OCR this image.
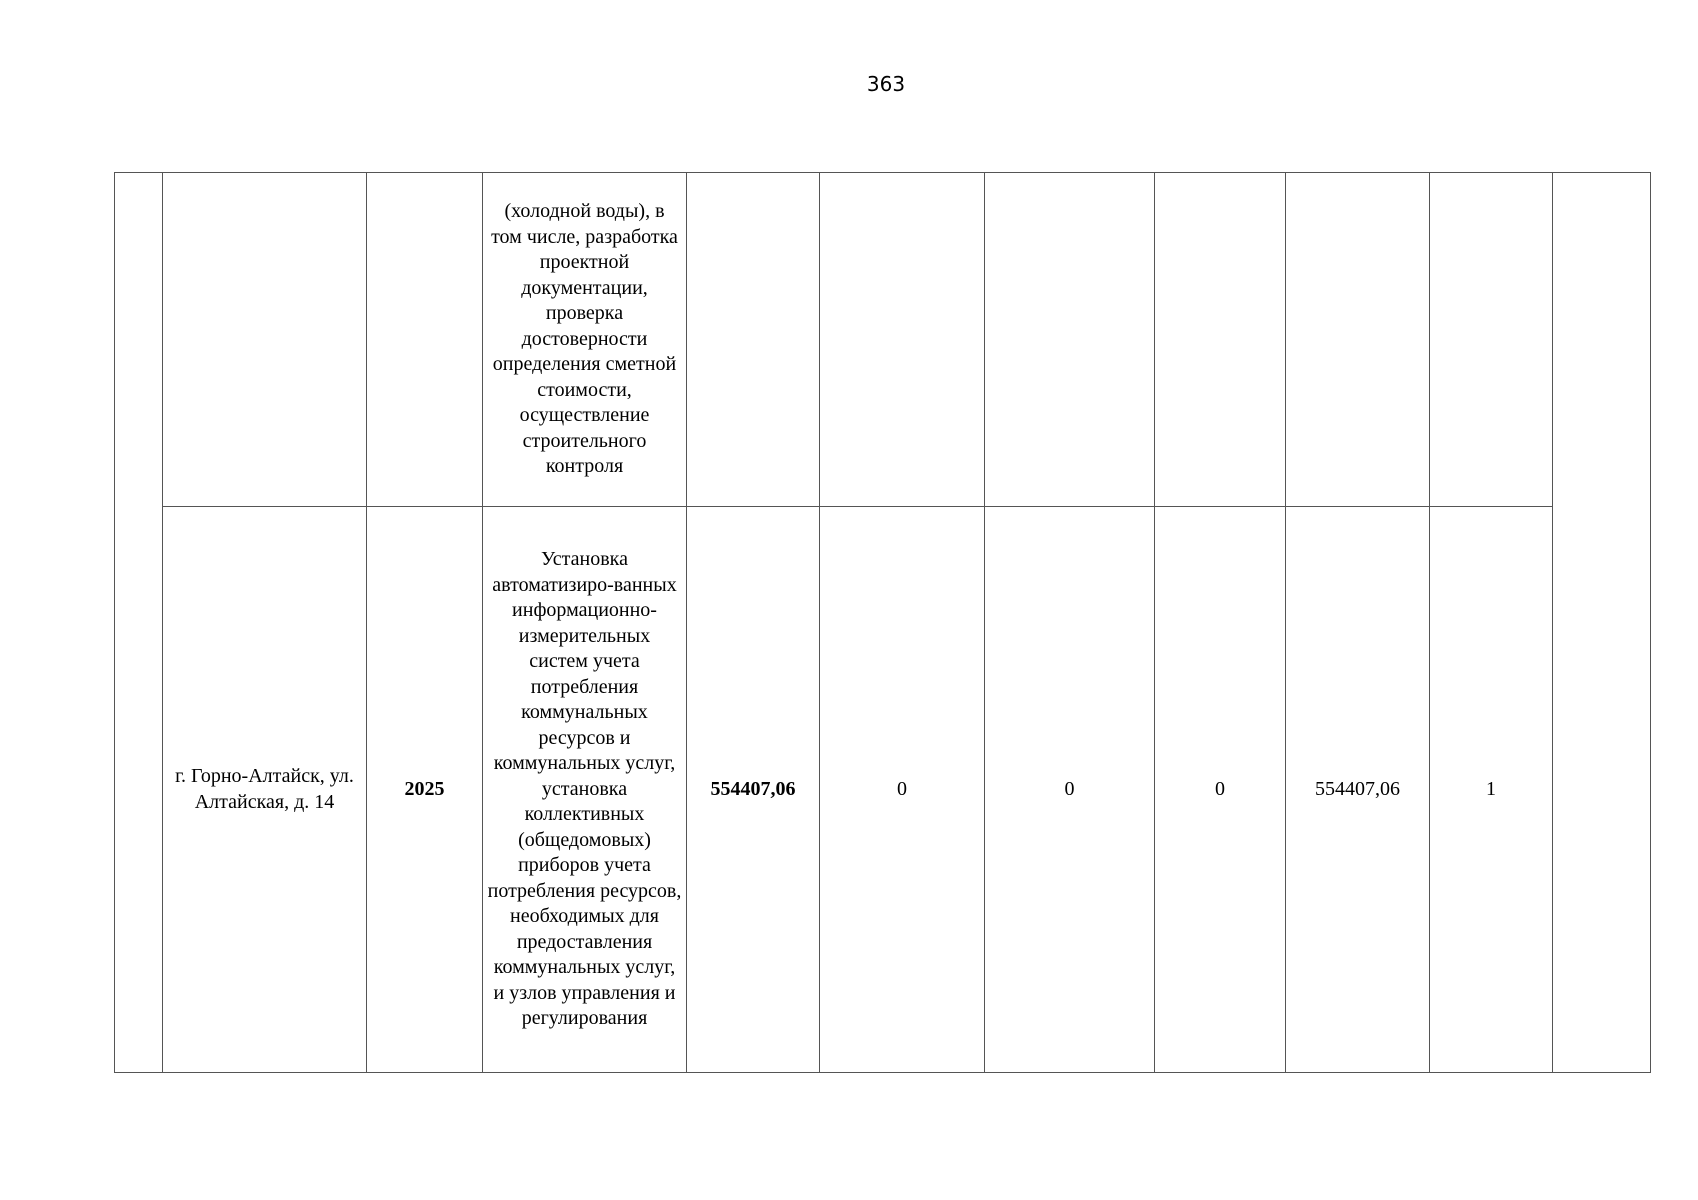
363
			(холодной воды), в том числе, разработка проектной документации, проверка достоверности определения сметной стоимости, осуществление строительного контроля							
	г. Горно-Алтайск, ул. Алтайская, д. 14	2025	Установка автоматизиро-ванных информационно-измерительных систем учета потребления коммунальных ресурсов и коммунальных услуг, установка коллективных (общедомовых) приборов учета потребления ресурсов, необходимых для предоставления коммунальных услуг, и узлов управления и регулирования	554407,06	0	0	0	554407,06	1	
